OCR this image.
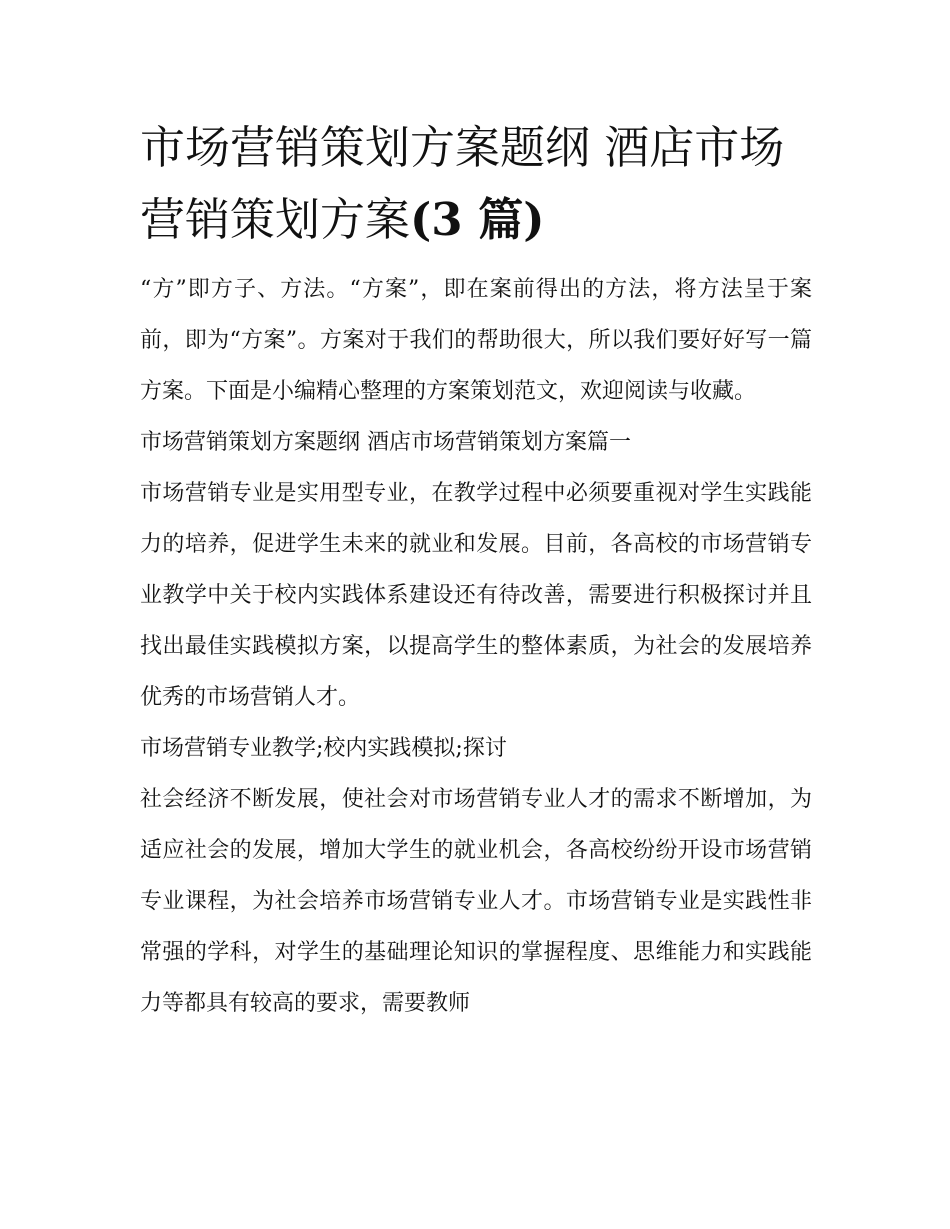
市场营销策划方案题纲 酒店市场营销策划方案(3 篇)

“方”即方子、方法。“方案”，即在案前得出的方法，将方法呈于案前，即为“方案”。方案对于我们的帮助很大，所以我们要好好写一篇方案。下面是小编精心整理的方案策划范文，欢迎阅读与收藏。

市场营销策划方案题纲 酒店市场营销策划方案篇一

市场营销专业是实用型专业，在教学过程中必须要重视对学生实践能力的培养，促进学生未来的就业和发展。目前，各高校的市场营销专业教学中关于校内实践体系建设还有待改善，需要进行积极探讨并且找出最佳实践模拟方案，以提高学生的整体素质，为社会的发展培养优秀的市场营销人才。

市场营销专业教学;校内实践模拟;探讨

社会经济不断发展，使社会对市场营销专业人才的需求不断增加，为适应社会的发展，增加大学生的就业机会，各高校纷纷开设市场营销专业课程，为社会培养市场营销专业人才。市场营销专业是实践性非常强的学科，对学生的基础理论知识的掌握程度、思维能力和实践能力等都具有较高的要求，需要教师
